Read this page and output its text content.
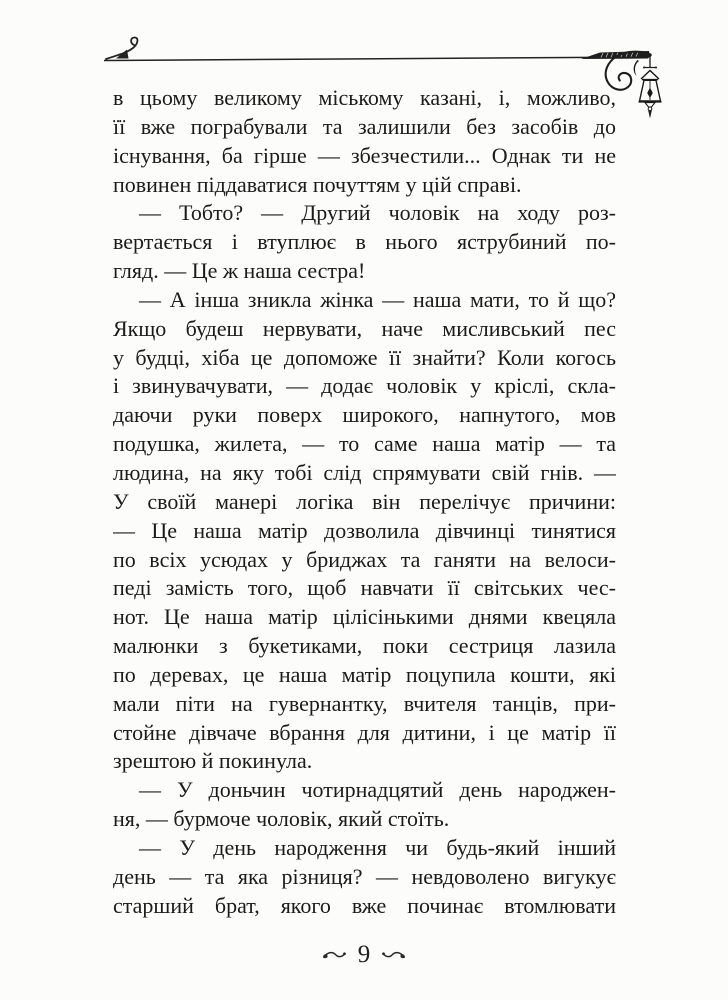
в цьому великому міському казані, і, можливо,
її вже пограбували та залишили без засобів до
існування, ба гірше — збезчестили... Однак ти не
повинен піддаватися почуттям у цій справі.
— Тобто? — Другий чоловік на ходу роз-
вертається і втуплює в нього яструбиний по-
гляд. — Це ж наша сестра!
— А інша зникла жінка — наша мати, то й що?
Якщо будеш нервувати, наче мисливський пес
у будці, хіба це допоможе її знайти? Коли когось
і звинувачувати, — додає чоловік у кріслі, скла-
даючи руки поверх широкого, напнутого, мов
подушка, жилета, — то саме наша матір — та
людина, на яку тобі слід спрямувати свій гнів. —
У своїй манері логіка він перелічує причини:
— Це наша матір дозволила дівчинці тинятися
по всіх усюдах у бриджах та ганяти на велоси-
педі замість того, щоб навчати її світських чес-
нот. Це наша матір цілісінькими днями квецяла
малюнки з букетиками, поки сестриця лазила
по деревах, це наша матір поцупила кошти, які
мали піти на гувернантку, вчителя танців, при-
стойне дівчаче вбрання для дитини, і це матір її
зрештою й покинула.
— У доньчин чотирнадцятий день народжен-
ня, — бурмоче чоловік, який стоїть.
— У день народження чи будь-який інший
день — та яка різниця? — невдоволено вигукує
старший брат, якого вже починає втомлювати
9
